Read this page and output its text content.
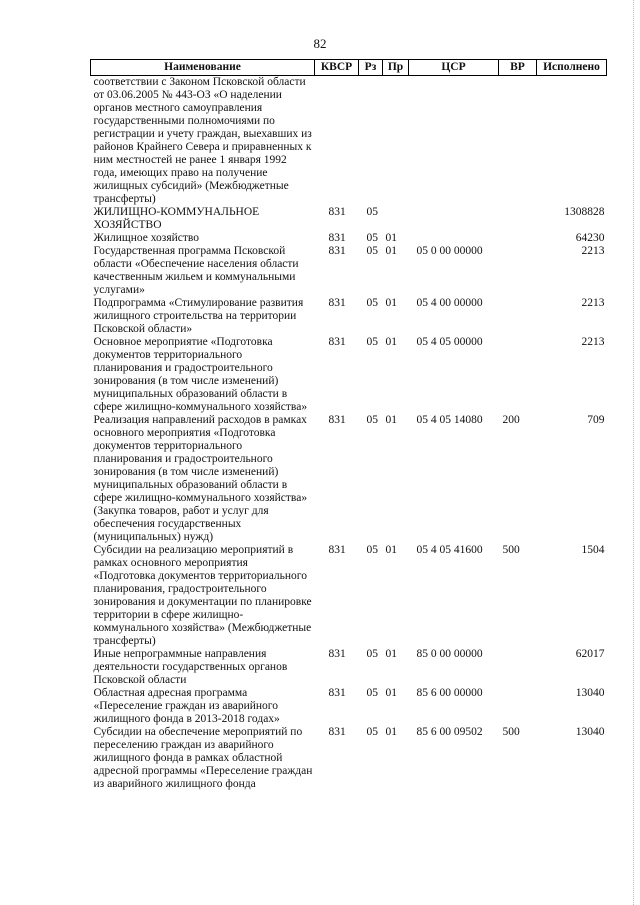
82
Наименование	КВСР	Рз	Пр	ЦСР	ВР	Исполнено
соответствии с Законом Псковской области от 03.06.2005 № 443-ОЗ «О наделении органов местного самоуправления государственными полномочиями по регистрации и учету граждан, выехавших из районов Крайнего Севера и приравненных к ним местностей не ранее 1 января 1992 года, имеющих право на получение жилищных субсидий» (Межбюджетные трансферты)						
ЖИЛИЩНО-КОММУНАЛЬНОЕ ХОЗЯЙСТВО	831	05				1308828
Жилищное хозяйство	831	05	01			64230
Государственная программа Псковской области «Обеспечение населения области качественным жильем и коммунальными услугами»	831	05	01	05 0 00 00000		2213
Подпрограмма «Стимулирование развития жилищного строительства на территории Псковской области»	831	05	01	05 4 00 00000		2213
Основное мероприятие «Подготовка документов территориального планирования и градостроительного зонирования (в том числе изменений) муниципальных образований области в сфере жилищно-коммунального хозяйства»	831	05	01	05 4 05 00000		2213
Реализация направлений расходов в рамках основного мероприятия «Подготовка документов территориального планирования и градостроительного зонирования (в том числе изменений) муниципальных образований области в сфере жилищно-коммунального хозяйства» (Закупка товаров, работ и услуг для обеспечения государственных (муниципальных) нужд)	831	05	01	05 4 05 14080	200	709
Субсидии на реализацию мероприятий в рамках основного мероприятия «Подготовка документов территориального планирования, градостроительного зонирования и документации по планировке территории в сфере жилищно-коммунального хозяйства» (Межбюджетные трансферты)	831	05	01	05 4 05 41600	500	1504
Иные непрограммные направления деятельности государственных органов Псковской области	831	05	01	85 0 00 00000		62017
Областная адресная программа «Переселение граждан из аварийного жилищного фонда в 2013-2018 годах»	831	05	01	85 6 00 00000		13040
Субсидии на обеспечение мероприятий по переселению граждан из аварийного жилищного фонда в рамках областной адресной программы «Переселение граждан из аварийного жилищного фонда	831	05	01	85 6 00 09502	500	13040
